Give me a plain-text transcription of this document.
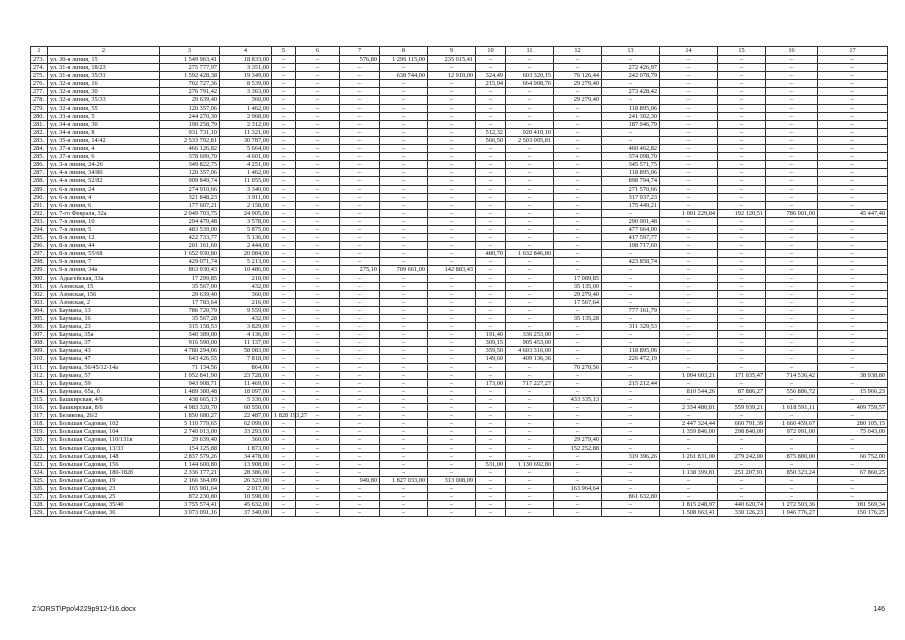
1	2	3	4	5	6	7	8	9	10	11	12	13	14	15	16	17
273.	ул. 30-я линия, 15	1 549 963,41	18 833,00	–	–	576,80	1 296 115,00	235 015,41	–	–	–	–	–	–	–	–
274.	ул. 31-я линия, 18/23	275 777,97	3 351,00	–	–	–	–	–	–	–	–	272 426,97	–	–	–	–
275.	ул. 31-я линия, 35/31	1 592 428,38	19 349,00	–	–	–	638 744,00	12 910,00	324,49	603 320,15	76 126,44	242 078,79	–	–	–	–
276.	ул. 32-я линия, 16	702 727,36	8 539,00	–	–	–	–	–	215,94	664 908,76	29 279,40	–	–	–	–	–
277.	ул. 32-я линия, 30	276 791,42	3 363,00	–	–	–	–	–	–	–	–	273 428,42	–	–	–	–
278.	ул. 32-я линия, 35/33	29 639,40	360,00	–	–	–	–	–	–	–	29 279,40	–	–	–	–	–
279.	ул. 32-я линия, 55	120 357,06	1 462,00	–	–	–	–	–	–	–	–	118 895,06	–	–	–	–
280.	ул. 33-я линия, 5	244 270,30	2 968,00	–	–	–	–	–	–	–	–	241 302,30	–	–	–	–
281.	ул. 34-я линия, 30	190 258,79	2 312,00	–	–	–	–	–	–	–	–	187 946,79	–	–	–	–
282.	ул. 34-я линия, 8	931 731,10	11 321,00	–	–	–	–	–	512,32	920 410,10	–	–	–	–	–	–
283.	ул. 35-я линия, 14/42	2 533 792,81	30 787,00	–	–	–	–	–	566,50	2 503 005,81	–	–	–	–	–	–
284.	ул. 37-я линия, 4	466 126,82	5 664,00	–	–	–	–	–	–	–	–	460 462,82	–	–	–	–
285.	ул. 37-я линия, 6	378 699,70	4 601,00	–	–	–	–	–	–	–	–	374 098,70	–	–	–	–
286.	ул. 3-я линия, 24-26	349 822,75	4 251,00	–	–	–	–	–	–	–	–	345 571,75	–	–	–	–
287.	ул. 4-я линия, 34/80	120 357,06	1 462,00	–	–	–	–	–	–	–	–	118 895,06	–	–	–	–
288.	ул. 4-я линия, 52/82	909 849,74	11 055,00	–	–	–	–	–	–	–	–	898 794,74	–	–	–	–
289.	ул. 6-я линия, 24	274 910,66	3 340,00	–	–	–	–	–	–	–	–	271 570,66	–	–	–	–
290.	ул. 6-я линия, 4	321 848,23	3 911,00	–	–	–	–	–	–	–	–	317 937,23	–	–	–	–
291.	ул. 6-я линия, 6	177 607,21	2 158,00	–	–	–	–	–	–	–	–	175 449,21	–	–	–	–
292.	ул. 7-го Февраля, 32а	2 049 703,75	24 905,00	–	–	–	–	–	–	–	–	–	1 001 229,84	192 120,51	786 001,00	45 447,40
293.	ул. 7-я линия, 10	294 479,48	3 578,00	–	–	–	–	–	–	–	–	290 901,48	–	–	–	–
294.	ул. 7-я линия, 5	483 539,00	5 875,00	–	–	–	–	–	–	–	–	477 664,00	–	–	–	–
295.	ул. 8-я линия, 12	422 733,77	5 136,00	–	–	–	–	–	–	–	–	417 597,77	–	–	–	–
296.	ул. 8-я линия, 44	201 161,60	2 444,00	–	–	–	–	–	–	–	–	198 717,60	–	–	–	–
297.	ул. 8-я линия, 55/68	1 652 930,80	20 084,00	–	–	–	–	–	480,70	1 632 846,80	–	–	–	–	–	–
298.	ул. 9-я линия, 7	429 071,74	5 213,00	–	–	–	–	–	–	–	–	423 858,74	–	–	–	–
299.	ул. 9-я линия, 34а	863 030,43	10 486,00	–	–	275,10	709 661,00	142 883,43	–	–	–	–	–	–	–	–
300.	ул. Адыгейская, 33а	17 299,85	210,00	–	–	–	–	–	–	–	17 089,85	–	–	–	–	–
301.	ул. Азовская, 15	35 567,00	432,00	–	–	–	–	–	–	–	35 135,00	–	–	–	–	–
302.	ул. Азовская, 156	29 639,40	360,00	–	–	–	–	–	–	–	29 279,40	–	–	–	–	–
303.	ул. Азовская, 2	17 783,64	216,00	–	–	–	–	–	–	–	17 567,64	–	–	–	–	–
304.	ул. Баумана, 13	786 720,79	9 559,00	–	–	–	–	–	–	–	–	777 161,79	–	–	–	–
305.	ул. Баумана, 16	35 567,28	432,00	–	–	–	–	–	–	–	35 135,28	–	–	–	–	–
306.	ул. Баумана, 23	315 158,53	3 829,00	–	–	–	–	–	–	–	–	311 329,53	–	–	–	–
307.	ул. Баумана, 35а	340 389,00	4 136,00	–	–	–	–	–	191,40	336 253,00	–	–	–	–	–	–
308.	ул. Баумана, 37	916 590,00	11 137,00	–	–	–	–	–	309,15	905 453,00	–	–	–	–	–	–
309.	ул. Баумана, 43	4 780 294,06	58 083,00	–	–	–	–	–	359,50	4 603 316,00	–	118 895,06	–	–	–	–
310.	ул. Баумана, 47	643 426,55	7 818,00	–	–	–	–	–	149,60	409 136,36	–	226 472,19	–	–	–	–
311.	ул. Баумана, 56/45/12-14а	71 134,56	864,00	–	–	–	–	–	–	–	70 270,56	–	–	–	–	–
312.	ул. Баумана, 57	1 952 841,90	23 728,00	–	–	–	–	–	–	–	–	–	1 004 603,21	171 035,47	714 536,42	38 938,80
313.	ул. Баумана, 59	943 908,71	11 469,00	–	–	–	–	–	173,00	717 227,27	–	215 212,44	–	–	–	–
314.	ул. Баумана, 65а, б	1 489 380,48	18 097,00	–	–	–	–	–	–	–	–	–	810 544,26	87 886,27	556 886,72	15 966,23
315.	ул. Башкирская, 4/6	438 665,13	5 330,00	–	–	–	–	–	–	–	433 335,13	–	–	–	–	–
316.	ул. Башкирская, 8/6	4 983 320,70	60 550,00	–	–	–	–	–	–	–	–	–	2 334 480,81	559 939,21	1 618 591,11	409 759,57
317.	ул. Белякова, 26/2	1 850 680,27	22 487,00	1 828 193,27	–	–	–	–	–	–	–	–	–	–	–	–
318.	ул. Большая Садовая, 102	5 110 779,65	62 099,00	–	–	–	–	–	–	–	–	–	2 447 324,44	660 791,39	1 660 459,67	280 105,15
319.	ул. Большая Садовая, 104	2 740 013,00	33 293,00	–	–	–	–	–	–	–	–	–	1 359 846,00	298 840,00	972 991,00	75 043,00
320.	ул. Большая Садовая, 110/131в	29 639,40	360,00	–	–	–	–	–	–	–	29 279,40	–	–	–	–	–
321.	ул. Большая Садовая, 13/33	154 125,88	1 873,00	–	–	–	–	–	–	–	152 252,88	–	–	–	–	–
322.	ул. Большая Садовая, 148	2 837 579,26	34 478,00	–	–	–	–	–	–	–	–	319 396,26	1 261 831,00	279 242,00	875 880,00	66 752,00
323.	ул. Большая Садовая, 156	1 144 600,80	13 908,00	–	–	–	–	–	531,00	1 130 692,80	–	–	–	–	–	–
324.	ул. Большая Садовая, 180-182б	2 336 177,21	28 386,00	–	–	–	–	–	–	–	–	–	1 138 399,81	251 207,91	850 323,24	67 860,25
325.	ул. Большая Садовая, 19	2 166 364,09	26 323,00	–	–	949,80	1 827 033,00	313 008,09	–	–	–	–	–	–	–	–
326.	ул. Большая Садовая, 23	165 981,64	2 017,00	–	–	–	–	–	–	–	163 964,64	–	–	–	–	–
327.	ул. Большая Садовая, 25	872 230,80	10 598,00	–	–	–	–	–	–	–	–	861 632,80	–	–	–	–
328.	ул. Большая Садовая, 35/40	3 755 574,41	45 632,00	–	–	–	–	–	–	–	–	–	1 815 248,97	440 620,74	1 272 503,36	181 569,34
329.	ул. Большая Садовая, 36	3 073 091,16	37 340,00	–	–	–	–	–	–	–	–	–	1 508 663,41	330 126,23	1 046 776,27	150 176,25
Z:\ORST\Ppo\4229p912-f16.docx	146
